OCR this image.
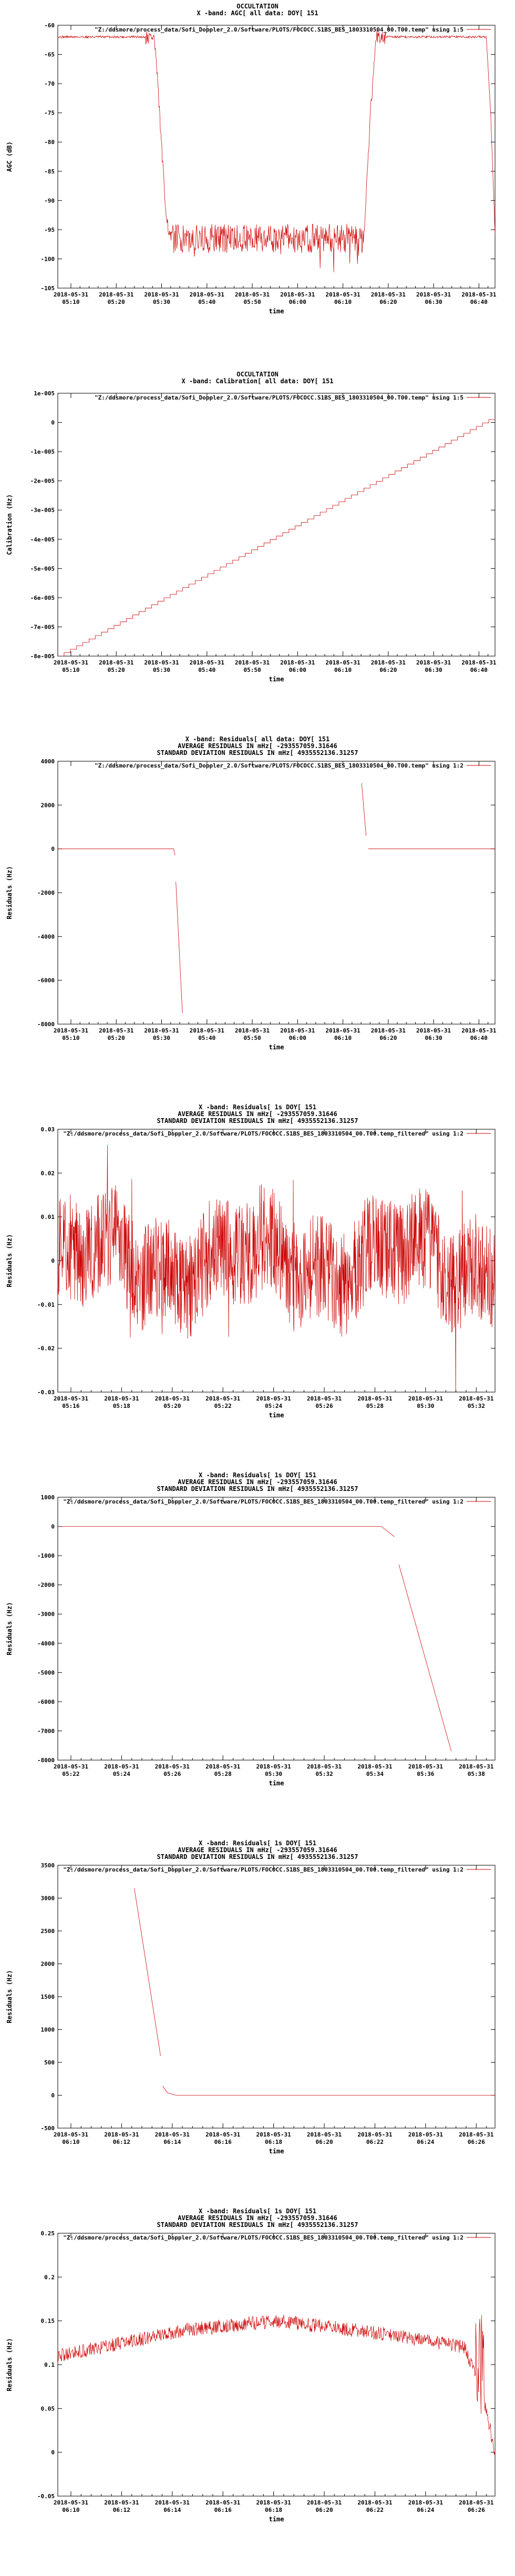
OCCULTATION
X -band: AGC[ all data: DOY[ 151
-105
-100
-95
-90
-85
-80
-75
-70
-65
-60
2018-05-31
05:10
2018-05-31
05:20
2018-05-31
05:30
2018-05-31
05:40
2018-05-31
05:50
2018-05-31
06:00
2018-05-31
06:10
2018-05-31
06:20
2018-05-31
06:30
2018-05-31
06:40
time
AGC (dB)
"Z:/ddsmore/process_data/Sofi_Doppler_2.0/Software/PLOTS/FOCOCC.S1BS_BES_1803310504_00.T00.temp" using 1:5
OCCULTATION
X -band: Calibration[ all data: DOY[ 151
-8e-005
-7e-005
-6e-005
-5e-005
-4e-005
-3e-005
-2e-005
-1e-005
0
1e-005
2018-05-31
05:10
2018-05-31
05:20
2018-05-31
05:30
2018-05-31
05:40
2018-05-31
05:50
2018-05-31
06:00
2018-05-31
06:10
2018-05-31
06:20
2018-05-31
06:30
2018-05-31
06:40
time
Calibration (Hz)
"Z:/ddsmore/process_data/Sofi_Doppler_2.0/Software/PLOTS/FOCOCC.S1BS_BES_1803310504_00.T00.temp" using 1:5
X -band: Residuals[ all data: DOY[ 151
AVERAGE RESIDUALS IN mHz[ -293557059.31646
STANDARD DEVIATION RESIDUALS IN mHz[ 4935552136.31257
-8000
-6000
-4000
-2000
0
2000
4000
2018-05-31
05:10
2018-05-31
05:20
2018-05-31
05:30
2018-05-31
05:40
2018-05-31
05:50
2018-05-31
06:00
2018-05-31
06:10
2018-05-31
06:20
2018-05-31
06:30
2018-05-31
06:40
time
Residuals (Hz)
"Z:/ddsmore/process_data/Sofi_Doppler_2.0/Software/PLOTS/FOCOCC.S1BS_BES_1803310504_00.T00.temp" using 1:2
X -band: Residuals[ 1s DOY[ 151
AVERAGE RESIDUALS IN mHz[ -293557059.31646
STANDARD DEVIATION RESIDUALS IN mHz[ 4935552136.31257
-0.03
-0.02
-0.01
0
0.01
0.02
0.03
2018-05-31
05:16
2018-05-31
05:18
2018-05-31
05:20
2018-05-31
05:22
2018-05-31
05:24
2018-05-31
05:26
2018-05-31
05:28
2018-05-31
05:30
2018-05-31
05:32
time
Residuals (Hz)
"Z:/ddsmore/process_data/Sofi_Doppler_2.0/Software/PLOTS/FOCOCC.S1BS_BES_1803310504_00.T00.temp_filtered" using 1:2
X -band: Residuals[ 1s DOY[ 151
AVERAGE RESIDUALS IN mHz[ -293557059.31646
STANDARD DEVIATION RESIDUALS IN mHz[ 4935552136.31257
-8000
-7000
-6000
-5000
-4000
-3000
-2000
-1000
0
1000
2018-05-31
05:22
2018-05-31
05:24
2018-05-31
05:26
2018-05-31
05:28
2018-05-31
05:30
2018-05-31
05:32
2018-05-31
05:34
2018-05-31
05:36
2018-05-31
05:38
time
Residuals (Hz)
"Z:/ddsmore/process_data/Sofi_Doppler_2.0/Software/PLOTS/FOCOCC.S1BS_BES_1803310504_00.T00.temp_filtered" using 1:2
X -band: Residuals[ 1s DOY[ 151
AVERAGE RESIDUALS IN mHz[ -293557059.31646
STANDARD DEVIATION RESIDUALS IN mHz[ 4935552136.31257
-500
0
500
1000
1500
2000
2500
3000
3500
2018-05-31
06:10
2018-05-31
06:12
2018-05-31
06:14
2018-05-31
06:16
2018-05-31
06:18
2018-05-31
06:20
2018-05-31
06:22
2018-05-31
06:24
2018-05-31
06:26
time
Residuals (Hz)
"Z:/ddsmore/process_data/Sofi_Doppler_2.0/Software/PLOTS/FOCOCC.S1BS_BES_1803310504_00.T00.temp_filtered" using 1:2
X -band: Residuals[ 1s DOY[ 151
AVERAGE RESIDUALS IN mHz[ -293557059.31646
STANDARD DEVIATION RESIDUALS IN mHz[ 4935552136.31257
-0.05
0
0.05
0.1
0.15
0.2
0.25
2018-05-31
06:10
2018-05-31
06:12
2018-05-31
06:14
2018-05-31
06:16
2018-05-31
06:18
2018-05-31
06:20
2018-05-31
06:22
2018-05-31
06:24
2018-05-31
06:26
time
Residuals (Hz)
"Z:/ddsmore/process_data/Sofi_Doppler_2.0/Software/PLOTS/FOCOCC.S1BS_BES_1803310504_00.T00.temp_filtered" using 1:2
